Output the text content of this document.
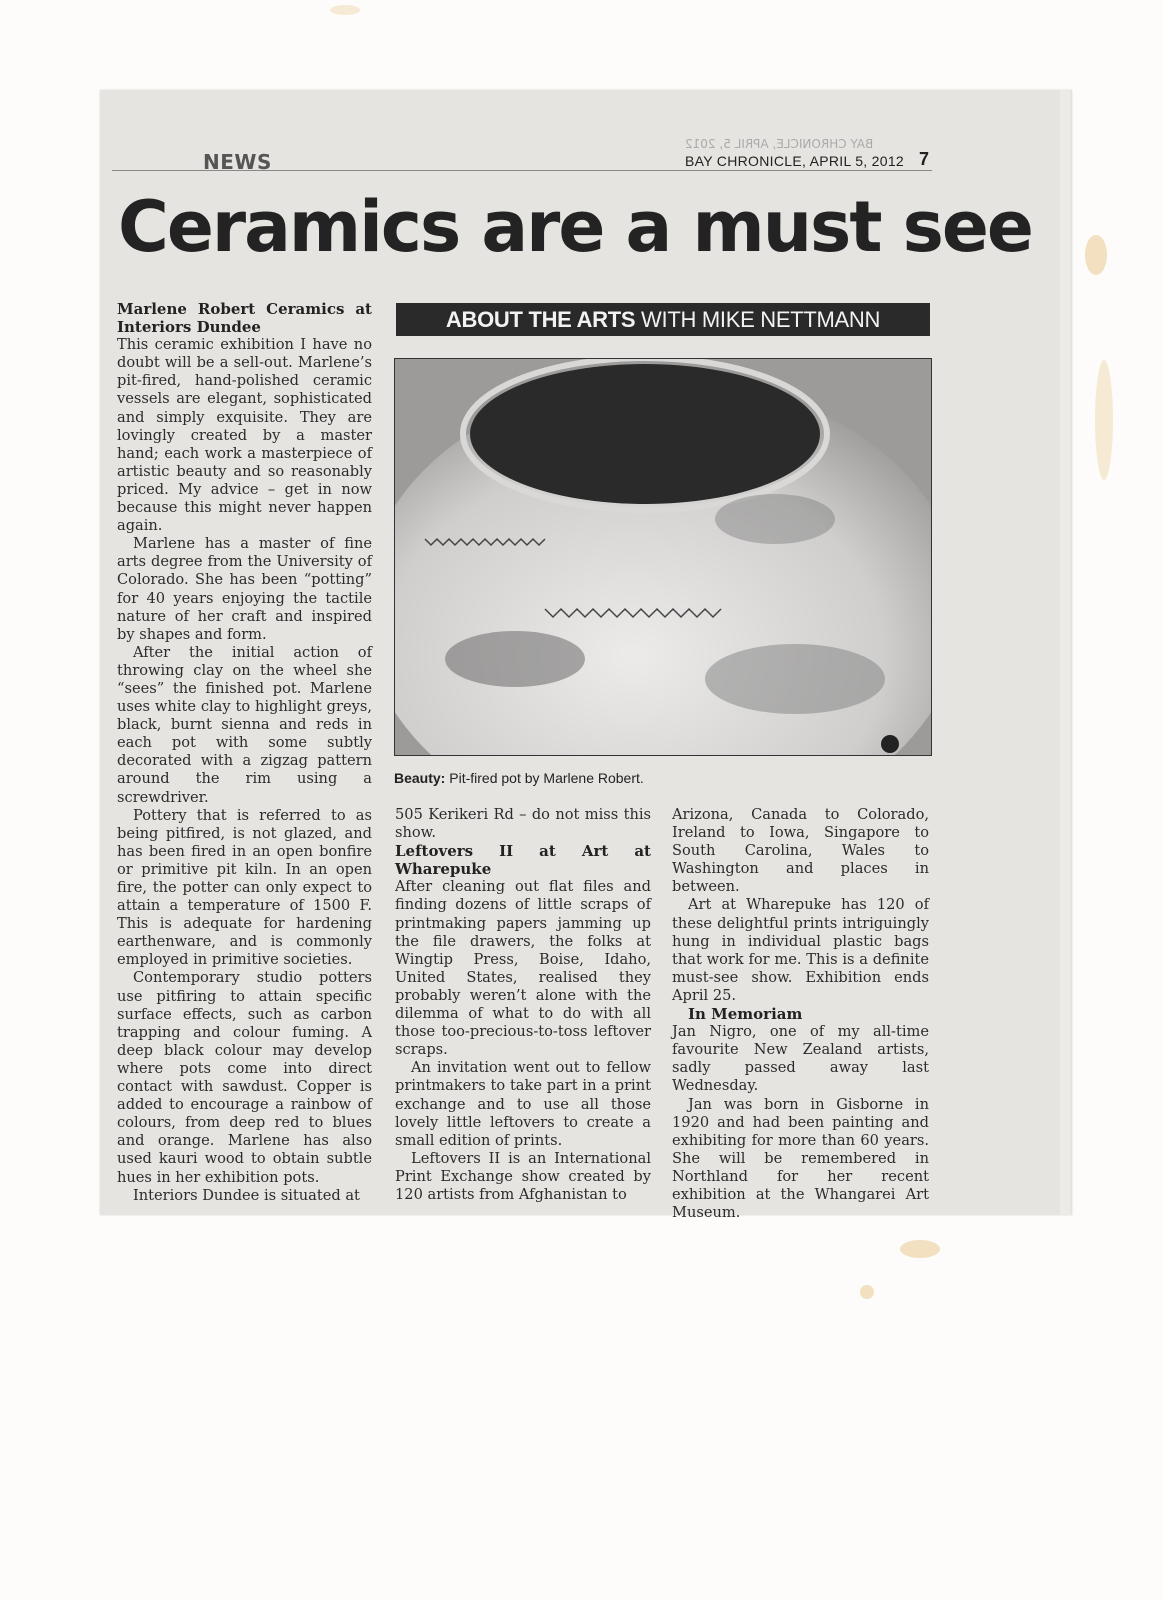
NEWS
BAY CHRONICLE, APRIL 5, 2012
BAY CHRONICLE, APRIL 5, 2012 7
Ceramics are a must see
ABOUT THE ARTS WITH MIKE NETTMANN
Beauty: Pit-fired pot by Marlene Robert.
Marlene Robert Ceramics at Interiors Dundee

This ceramic exhibition I have no doubt will be a sell-out. Marlene’s pit-fired, hand-polished ceramic vessels are elegant, sophisticated and simply exquisite. They are lovingly created by a master hand; each work a masterpiece of artistic beauty and so reasonably priced. My advice – get in now because this might never happen again.

Marlene has a master of fine arts degree from the University of Colorado. She has been “potting” for 40 years enjoying the tactile nature of her craft and inspired by shapes and form.

After the initial action of throwing clay on the wheel she “sees” the finished pot. Marlene uses white clay to highlight greys, black, burnt sienna and reds in each pot with some subtly decorated with a zigzag pattern around the rim using a screwdriver.

Pottery that is referred to as being pitfired, is not glazed, and has been fired in an open bonfire or primitive pit kiln. In an open fire, the potter can only expect to attain a temperature of 1500 F. This is adequate for hardening earthenware, and is commonly employed in primitive societies.

Contemporary studio potters use pitfiring to attain specific surface effects, such as carbon trapping and colour fuming. A deep black colour may develop where pots come into direct contact with sawdust. Copper is added to encourage a rainbow of colours, from deep red to blues and orange. Marlene has also used kauri wood to obtain subtle hues in her exhibition pots.

Interiors Dundee is situated at

505 Kerikeri Rd – do not miss this show.

Leftovers II at Art at Wharepuke

After cleaning out flat files and finding dozens of little scraps of printmaking papers jamming up the file drawers, the folks at Wingtip Press, Boise, Idaho, United States, realised they probably weren’t alone with the dilemma of what to do with all those too-precious-to-toss leftover scraps.

An invitation went out to fellow printmakers to take part in a print exchange and to use all those lovely little leftovers to create a small edition of prints.

Leftovers II is an International Print Exchange show created by 120 artists from Afghanistan to

Arizona, Canada to Colorado, Ireland to Iowa, Singapore to South Carolina, Wales to Washington and places in between.

Art at Wharepuke has 120 of these delightful prints intriguingly hung in individual plastic bags that work for me. This is a definite must-see show. Exhibition ends April 25.

In Memoriam

Jan Nigro, one of my all-time favourite New Zealand artists, sadly passed away last Wednesday.

Jan was born in Gisborne in 1920 and had been painting and exhibiting for more than 60 years. She will be remembered in Northland for her recent exhibition at the Whangarei Art Museum.
